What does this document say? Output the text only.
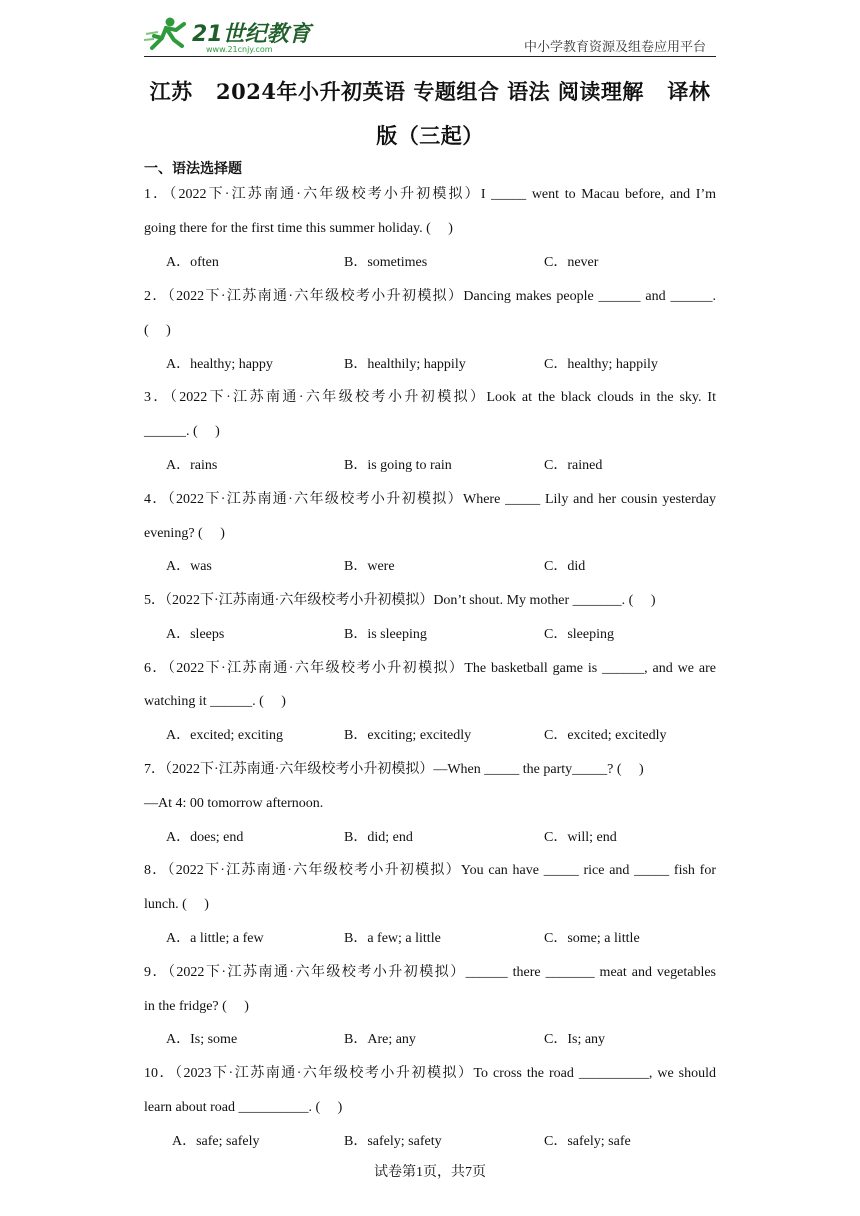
21世纪教育
www.21cnjy.com	中小学教育资源及组卷应用平台
江苏   2024年小升初英语 专题组合 语法 阅读理解   译林
版（三起）
一、语法选择题
1．（2022下·江苏南通·六年级校考小升初模拟）I _____ went to Macau before, and I’m
going there for the first time this summer holiday. (     )
A．often	B．sometimes	C．never
2．（2022下·江苏南通·六年级校考小升初模拟）Dancing makes people ______ and ______.
(     )
A．healthy; happy	B．healthily; happily	C．healthy; happily
3．（2022下·江苏南通·六年级校考小升初模拟）Look at the black clouds in the sky. It
______. (     )
A．rains	B．is going to rain	C．rained
4．（2022下·江苏南通·六年级校考小升初模拟）Where _____ Lily and her cousin yesterday
evening? (     )
A．was	B．were	C．did
5．（2022下·江苏南通·六年级校考小升初模拟）Don’t shout. My mother _______. (     )
A．sleeps	B．is sleeping	C．sleeping
6．（2022下·江苏南通·六年级校考小升初模拟）The basketball game is ______, and we are
watching it ______. (     )
A．excited; exciting	B．exciting; excitedly	C．excited; excitedly
7．（2022下·江苏南通·六年级校考小升初模拟）—When _____ the party_____? (     )
—At 4: 00 tomorrow afternoon.
A．does; end	B．did; end	C．will; end
8．（2022下·江苏南通·六年级校考小升初模拟）You can have _____ rice and _____ fish for
lunch. (     )
A．a little; a few	B．a few; a little	C．some; a little
9．（2022下·江苏南通·六年级校考小升初模拟）______ there _______ meat and vegetables
in the fridge? (     )
A．Is; some	B．Are; any	C．Is; any
10．（2023下·江苏南通·六年级校考小升初模拟）To cross the road __________, we should
learn about road __________. (     )
A．safe; safely	B．safely; safety	C．safely; safe
试卷第1页，共7页
